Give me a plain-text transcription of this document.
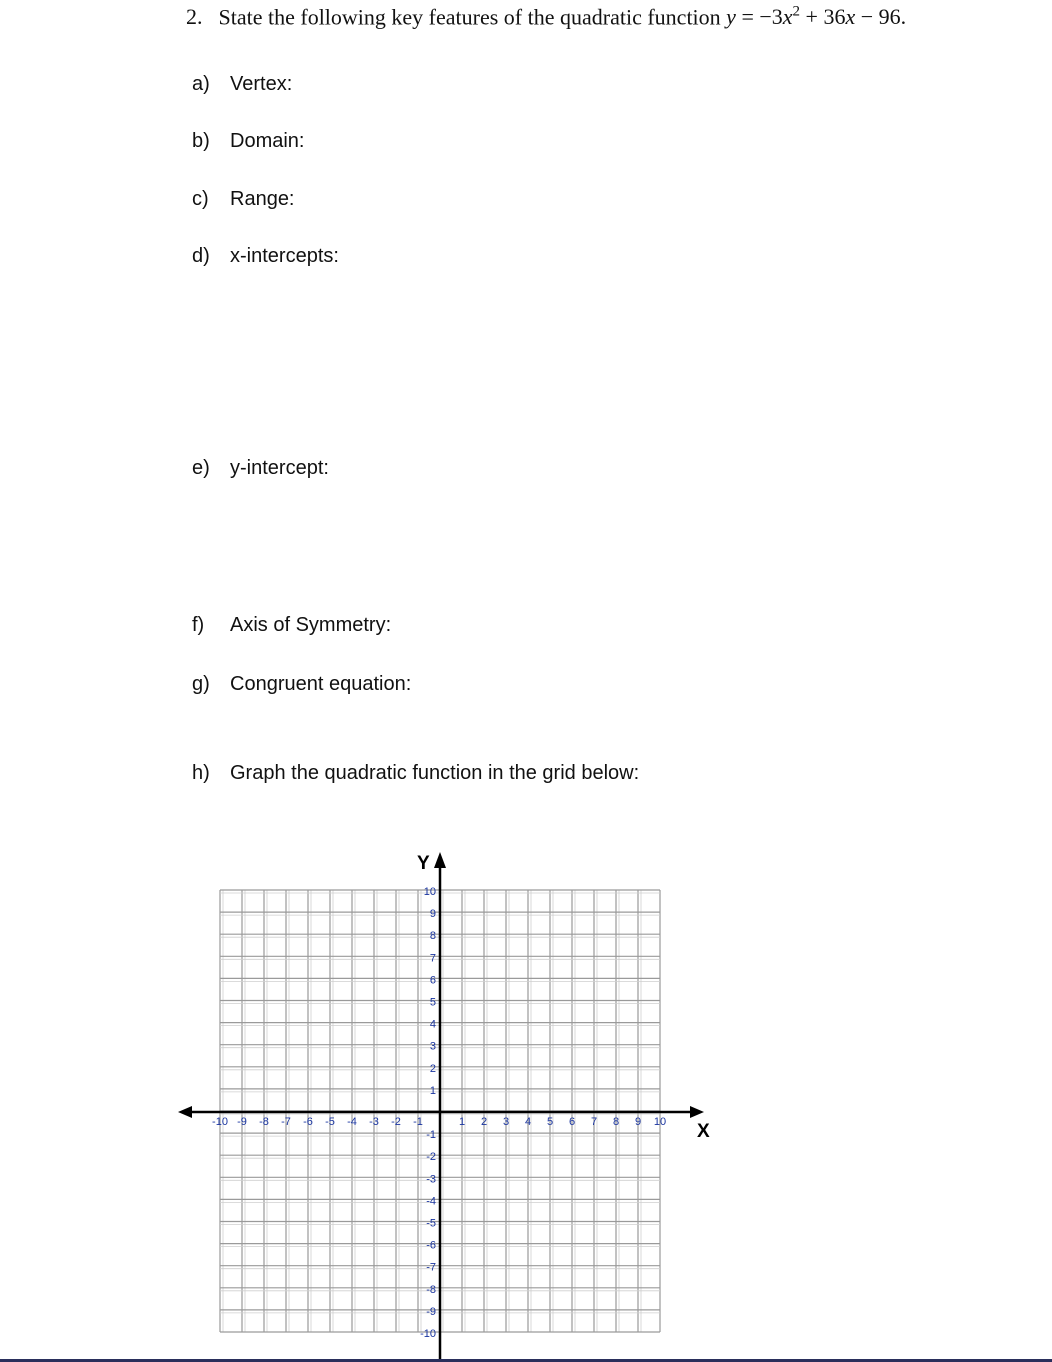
2. State the following key features of the quadratic function $y = -3x^2 + 36x - 96$.
a) Vertex:
b) Domain:
c) Range:
d) x-intercepts:
e) y-intercept:
f) Axis of Symmetry:
g) Congruent equation:
h) Graph the quadratic function in the grid below:
-10 -9 -8 -7 -6 -5 -4 -3 -2 -1	1 2 3 4 5 6 7 8 9 10
10
9
8
7
6
5
4
3
2
1
-1
-2
-3
-4
-5
-6
-7
-8
-9
-10
X
Y
